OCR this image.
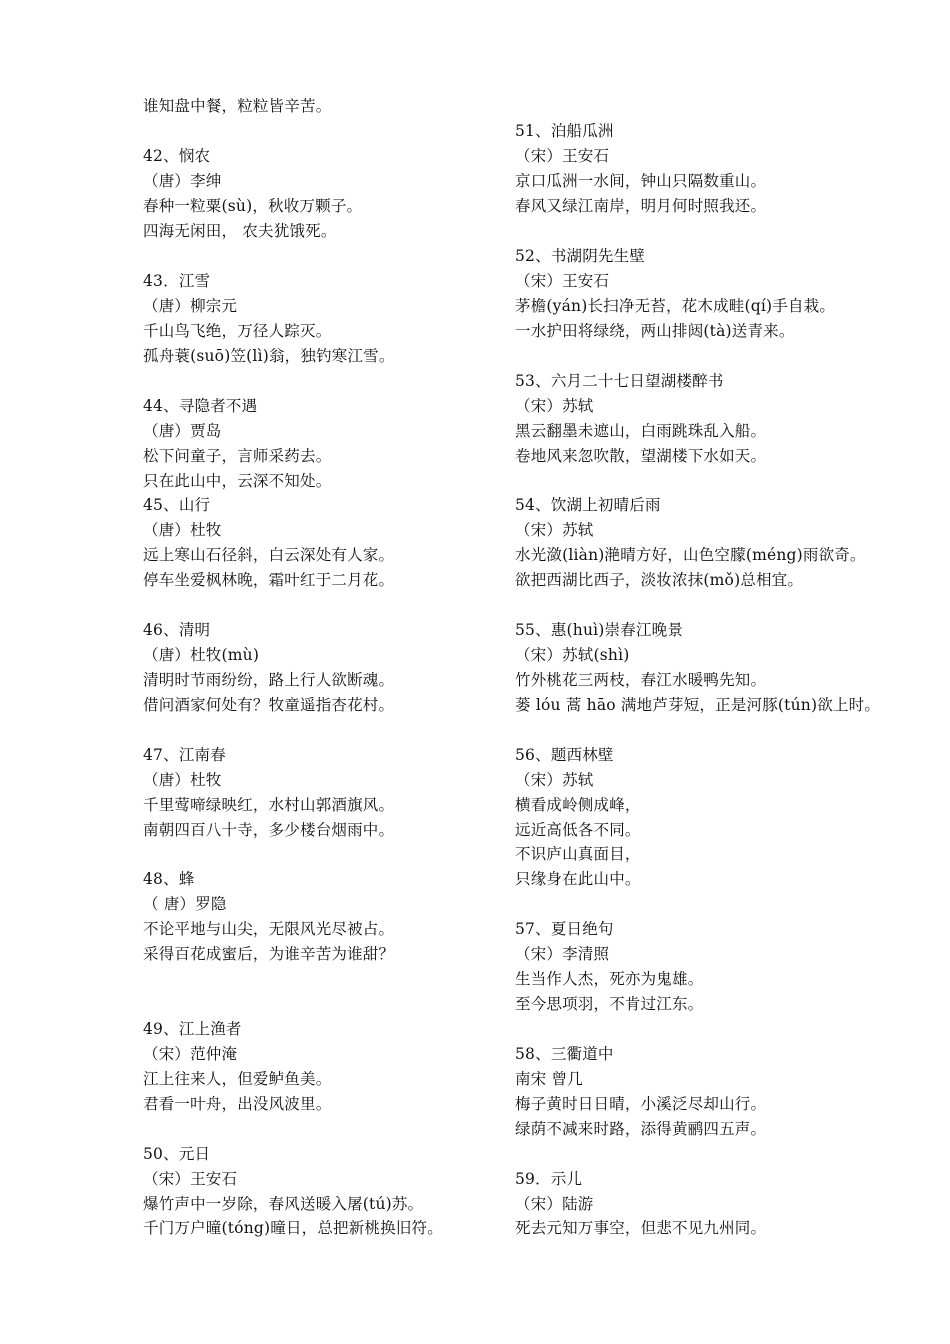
谁知盘中餐，粒粒皆辛苦。
42、悯农
（唐）李绅
春种一粒粟(sù)，秋收万颗子。
四海无闲田， 农夫犹饿死。
43．江雪
（唐）柳宗元
千山鸟飞绝，万径人踪灭。
孤舟蓑(suō)笠(lì)翁，独钓寒江雪。
44、寻隐者不遇
（唐）贾岛
松下问童子，言师采药去。
只在此山中，云深不知处。
45、山行
（唐）杜牧
远上寒山石径斜，白云深处有人家。
停车坐爱枫林晚，霜叶红于二月花。
46、清明
（唐）杜牧(mù)
清明时节雨纷纷，路上行人欲断魂。
借问酒家何处有？牧童遥指杏花村。
47、江南春
（唐）杜牧
千里莺啼绿映红，水村山郭酒旗风。
南朝四百八十寺，多少楼台烟雨中。
48、蜂
（ 唐）罗隐
不论平地与山尖，无限风光尽被占。
采得百花成蜜后，为谁辛苦为谁甜？
49、江上渔者
（宋）范仲淹
江上往来人，但爱鲈鱼美。
君看一叶舟，出没风波里。
50、元日
（宋）王安石
爆竹声中一岁除，春风送暖入屠(tú)苏。
千门万户曈(tóng)曈日，总把新桃换旧符。
51、泊船瓜洲
（宋）王安石
京口瓜洲一水间，钟山只隔数重山。
春风又绿江南岸，明月何时照我还。
52、书湖阴先生壁
（宋）王安石
茅檐(yán)长扫净无苔，花木成畦(qí)手自栽。
一水护田将绿绕，两山排闼(tà)送青来。
53、六月二十七日望湖楼醉书
（宋）苏轼
黑云翻墨未遮山，白雨跳珠乱入船。
卷地风来忽吹散，望湖楼下水如天。
54、饮湖上初晴后雨
（宋）苏轼
水光潋(liàn)滟晴方好，山色空朦(méng)雨欲奇。
欲把西湖比西子，淡妆浓抹(mǒ)总相宜。
55、惠(huì)崇春江晚景
（宋）苏轼(shì)
竹外桃花三两枝，春江水暖鸭先知。
蒌 lóu 蒿 hāo 满地芦芽短，正是河豚(tún)欲上时。
56、题西林壁
（宋）苏轼
横看成岭侧成峰，
远近高低各不同。
不识庐山真面目，
只缘身在此山中。
57、夏日绝句
（宋）李清照
生当作人杰，死亦为鬼雄。
至今思项羽，不肯过江东。
58、三衢道中
南宋 曾几
梅子黄时日日晴，小溪泛尽却山行。
绿荫不减来时路，添得黄鹂四五声。
59．示儿
（宋）陆游
死去元知万事空，但悲不见九州同。
